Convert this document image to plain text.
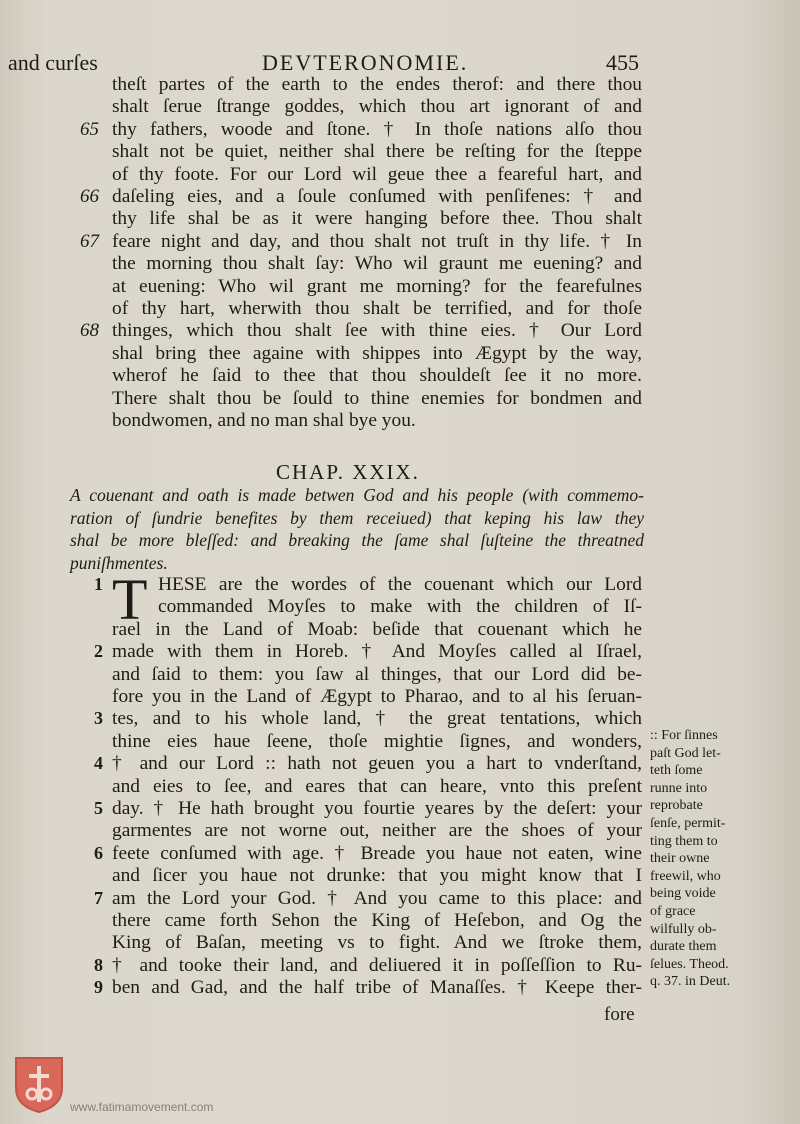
and curſes	DEVTERONOMIE.	455
theſt partes of the earth to the endes therof: and there thou
shalt ſerue ſtrange goddes, which thou art ignorant of and
thy fathers, woode and ſtone. † In thoſe nations alſo thou
65
shalt not be quiet, neither shal there be reſting for the ſteppe
of thy foote. For our Lord wil geue thee a feareful hart, and
daſeling eies, and a ſoule conſumed with penſifenes: † and
66
thy life shal be as it were hanging before thee. Thou shalt
feare night and day, and thou shalt not truſt in thy life. † In
67
the morning thou shalt ſay: Who wil graunt me euening? and
at euening: Who wil grant me morning? for the fearefulnes
of thy hart, wherwith thou shalt be terrified, and for thoſe
thinges, which thou shalt ſee with thine eies. † Our Lord
68
shal bring thee againe with shippes into Ægypt by the way,
wherof he ſaid to thee that thou shouldeſt ſee it no more.
There shalt thou be ſould to thine enemies for bondmen and
bondwomen, and no man shal bye you.
CHAP. XXIX.
A couenant and oath is made betwen God and his people (with commemo-
ration of ſundrie benefites by them receiued) that keping his law they
shal be more bleſſed: and breaking the ſame shal ſuſteine the threatned
puniſhmentes.
T HESE are the wordes of the couenant which our Lord
1
commanded Moyſes to make with the children of Iſ-
rael in the Land of Moab: beſide that couenant which he
made with them in Horeb. † And Moyſes called al Iſrael,
2
and ſaid to them: you ſaw al thinges, that our Lord did be-
fore you in the Land of Ægypt to Pharao, and to al his ſeruan-
tes, and to his whole land, † the great tentations, which
3
thine eies haue ſeene, thoſe mightie ſignes, and wonders,
† and our Lord :: hath not geuen you a hart to vnderſtand,
4
and eies to ſee, and eares that can heare, vnto this preſent
day. † He hath brought you fourtie yeares by the deſert: your
5
garmentes are not worne out, neither are the shoes of your
feete conſumed with age. † Breade you haue not eaten, wine
6
and ſicer you haue not drunke: that you might know that I
am the Lord your God. † And you came to this place: and
7
there came forth Sehon the King of Heſebon, and Og the
King of Baſan, meeting vs to fight. And we ſtroke them,
† and tooke their land, and deliuered it in poſſeſſion to Ru-
8
ben and Gad, and the half tribe of Manaſſes. † Keepe ther-
9
:: For ſinnes
paſt God let-
teth ſome
runne into
reprobate
ſenſe, permit-
ting them to
their owne
freewil, who
being voide
of grace
wilfully ob-
durate them
ſelues. Theod.
q. 37. in Deut.
fore
www.fatimamovement.com
